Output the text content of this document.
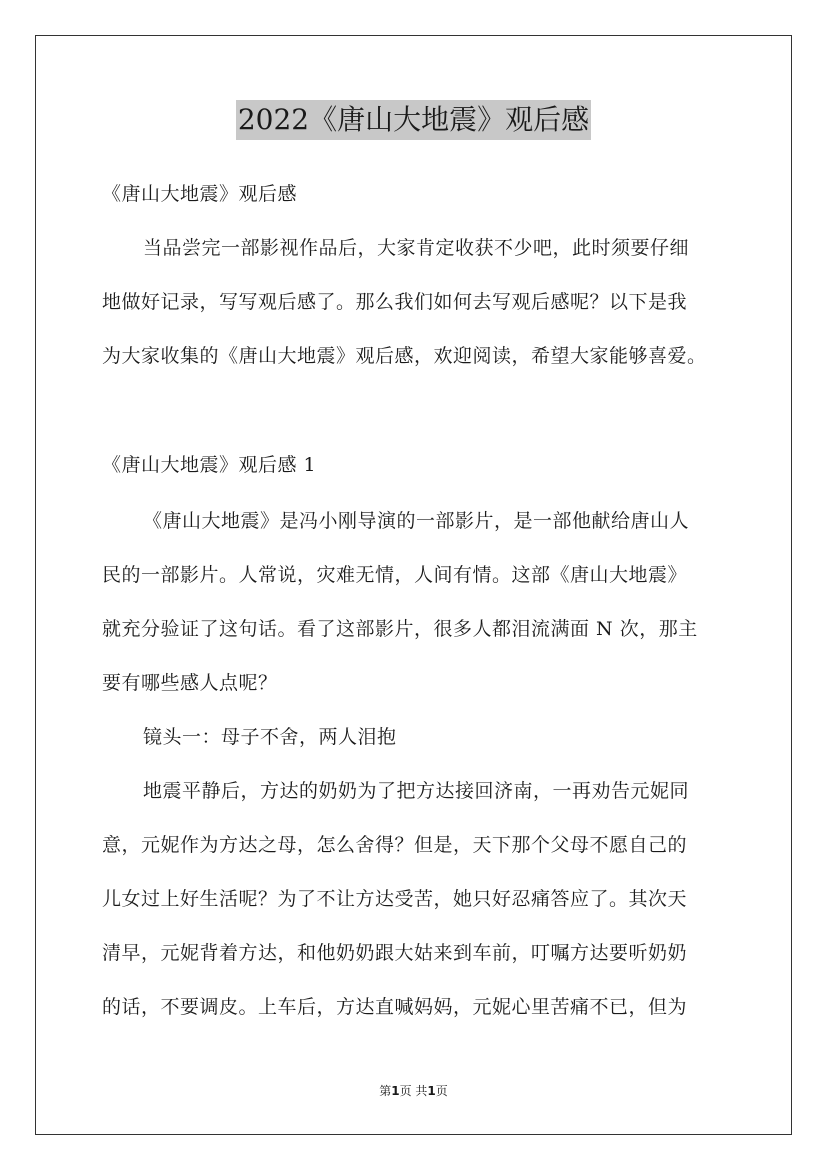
2022《唐山大地震》观后感
《唐山大地震》观后感
当品尝完一部影视作品后，大家肯定收获不少吧，此时须要仔细
地做好记录，写写观后感了。那么我们如何去写观后感呢？以下是我
为大家收集的《唐山大地震》观后感，欢迎阅读，希望大家能够喜爱。
《唐山大地震》观后感 1
《唐山大地震》是冯小刚导演的一部影片，是一部他献给唐山人
民的一部影片。人常说，灾难无情，人间有情。这部《唐山大地震》
就充分验证了这句话。看了这部影片，很多人都泪流满面 N 次，那主
要有哪些感人点呢？
镜头一：母子不舍，两人泪抱
地震平静后，方达的奶奶为了把方达接回济南，一再劝告元妮同
意，元妮作为方达之母，怎么舍得？但是，天下那个父母不愿自己的
儿女过上好生活呢？为了不让方达受苦，她只好忍痛答应了。其次天
清早，元妮背着方达，和他奶奶跟大姑来到车前，叮嘱方达要听奶奶
的话，不要调皮。上车后，方达直喊妈妈，元妮心里苦痛不已，但为
第1页 共1页
